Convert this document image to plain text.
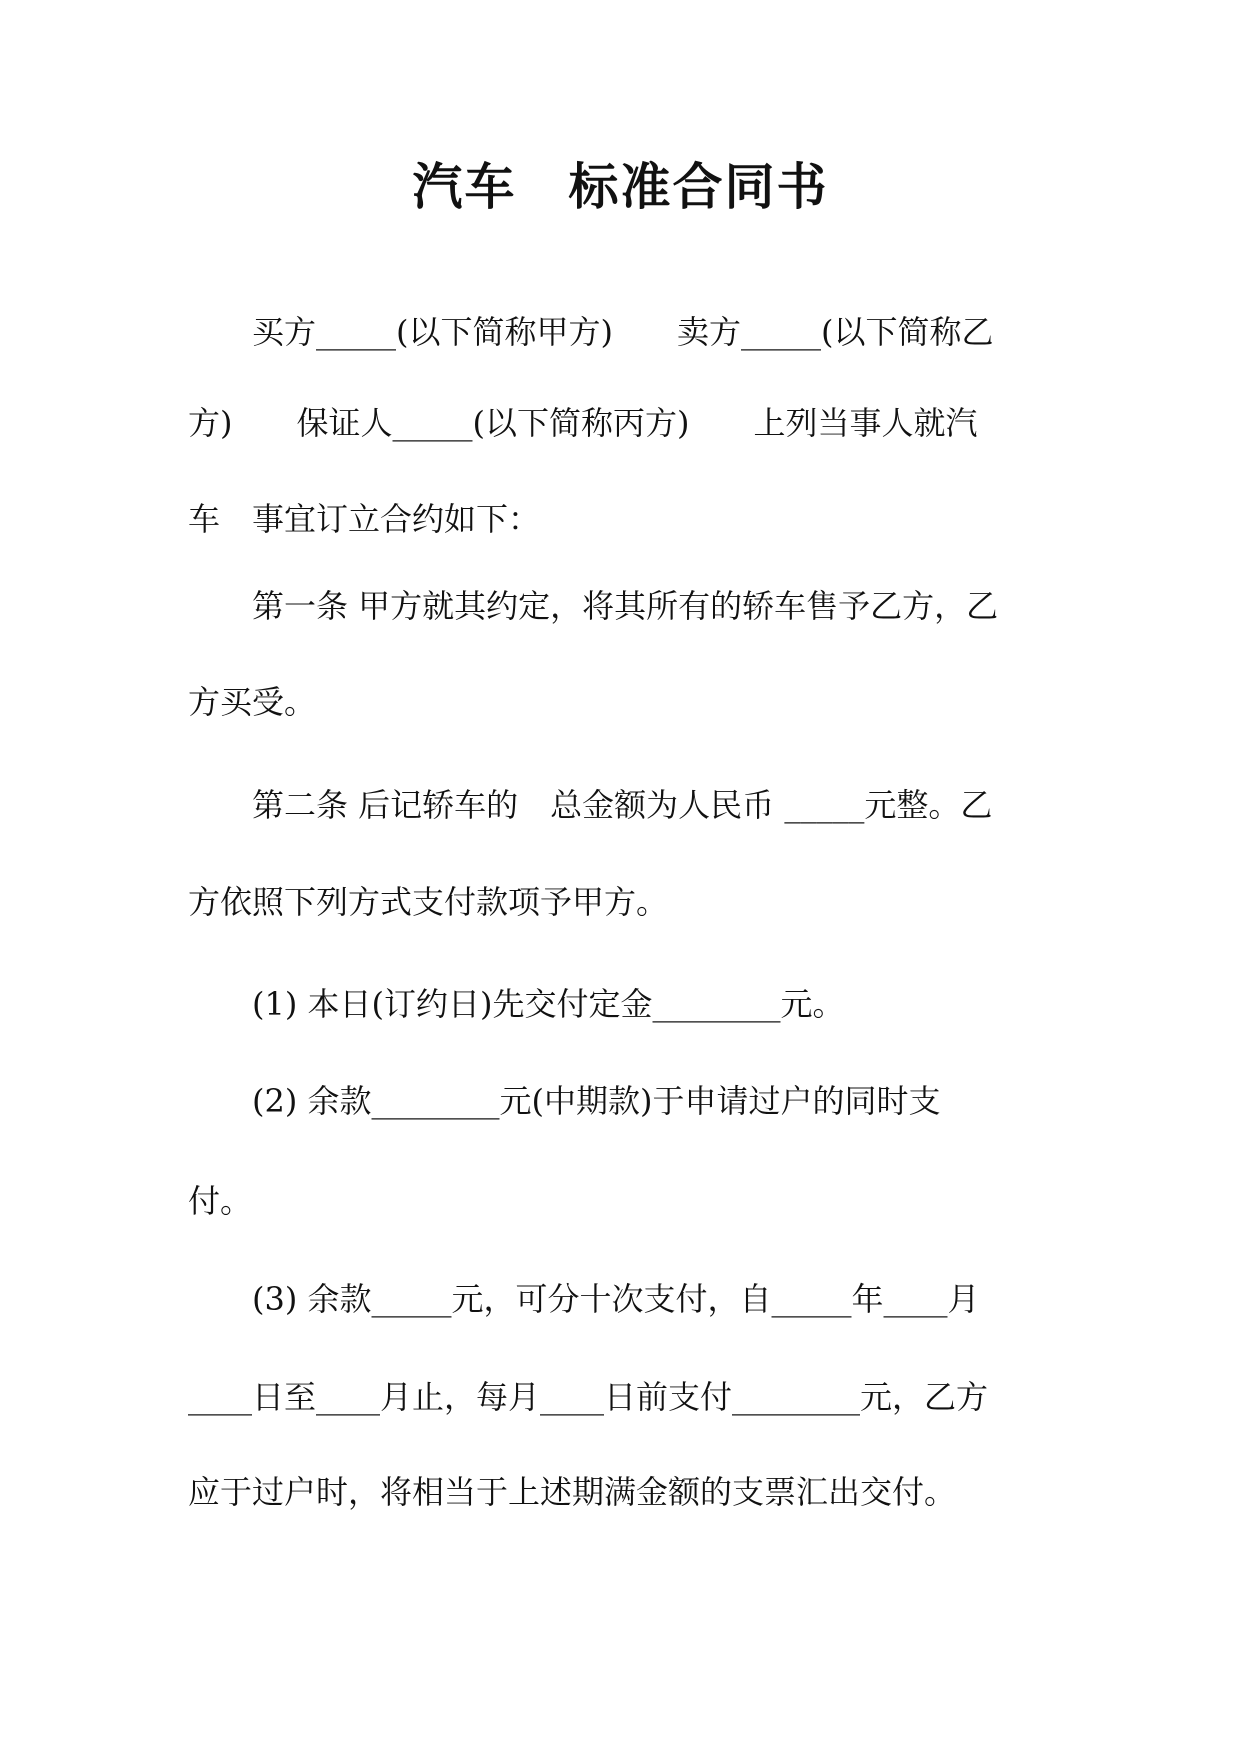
汽车　标准合同书
　　买方_____(以下简称甲方)　　卖方_____(以下简称乙
方)　　保证人_____(以下简称丙方)　　上列当事人就汽
车　事宜订立合约如下：
　　第一条 甲方就其约定，将其所有的轿车售予乙方，乙
方买受。
　　第二条 后记轿车的　总金额为人民币 _____元整。乙
方依照下列方式支付款项予甲方。
　　(1) 本日(订约日)先交付定金________元。
　　(2) 余款________元(中期款)于申请过户的同时支
付。
　　(3) 余款_____元，可分十次支付，自_____年____月
____日至____月止，每月____日前支付________元，乙方
应于过户时，将相当于上述期满金额的支票汇出交付。
